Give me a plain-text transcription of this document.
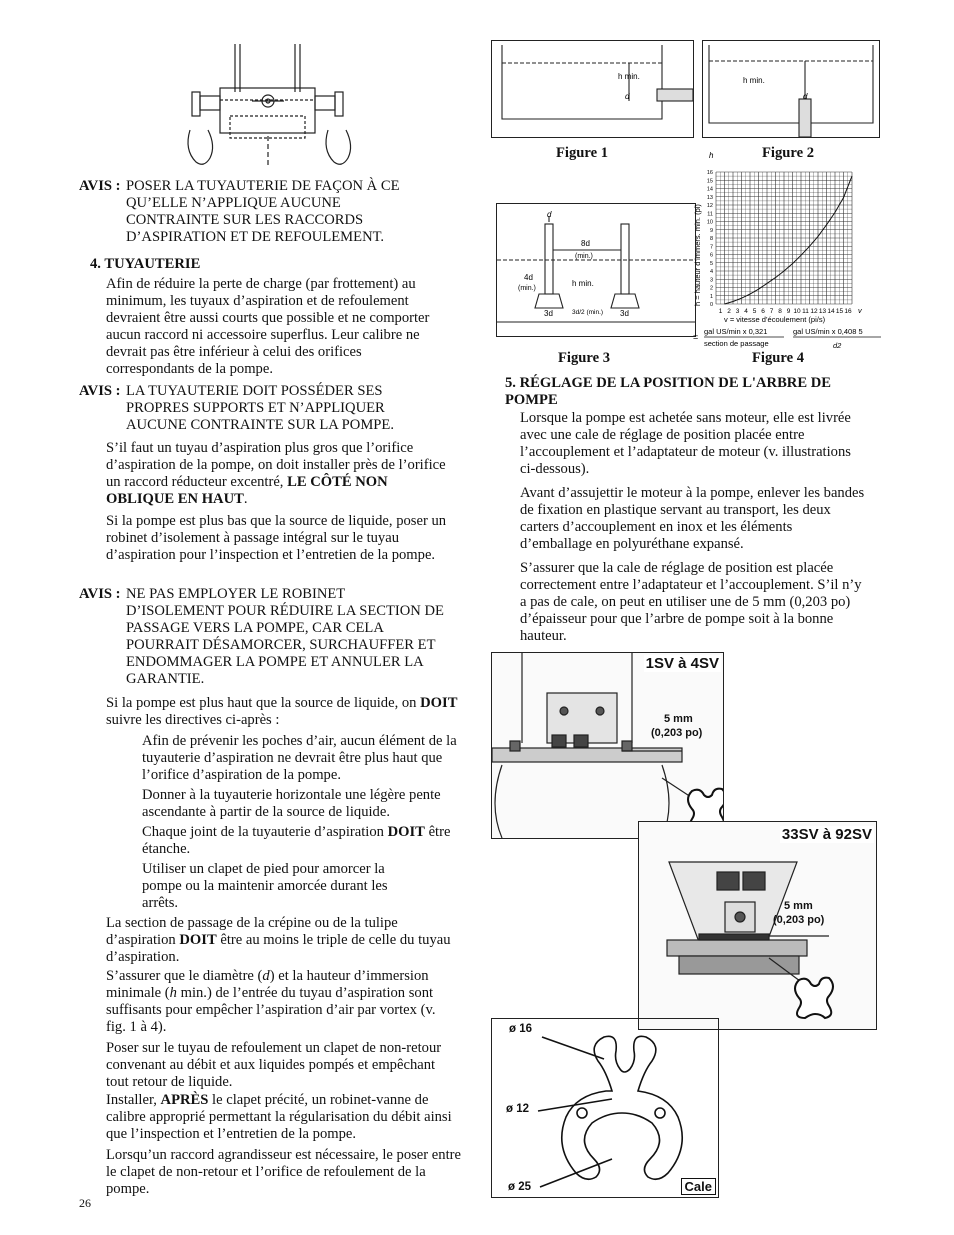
AVIS : POSER LA TUYAUTERIE DE FAÇON À CE QU’ELLE N’APPLIQUE AUCUNE CONTRAINTE SUR LES RACCORDS D’ASPIRATION ET DE REFOULEMENT.
4. TUYAUTERIE

Afin de réduire la perte de charge (par frottement) au minimum, les tuyaux d’aspiration et de refoulement devraient être aussi courts que possible et ne comporter aucun raccord ni accessoire superflus. Leur calibre ne devrait pas être inférieur à celui des orifices correspondants de la pompe.

AVIS : LA TUYAUTERIE DOIT POSSÉDER SES PROPRES SUPPORTS ET N’APPLIQUER AUCUNE CONTRAINTE SUR LA POMPE.

S’il faut un tuyau d’aspiration plus gros que l’orifice d’aspiration de la pompe, on doit installer près de l’orifice un raccord réducteur excentré, LE CÔTÉ NON OBLIQUE EN HAUT.

Si la pompe est plus bas que la source de liquide, poser un robinet d’isolement à passage intégral sur le tuyau d’aspiration pour l’inspection et l’entretien de la pompe.

AVIS : NE PAS EMPLOYER LE ROBINET D’ISOLEMENT POUR RÉDUIRE LA SECTION DE PASSAGE VERS LA POMPE, CAR CELA POURRAIT DÉSAMORCER, SURCHAUFFER ET ENDOMMAGER LA POMPE ET ANNULER LA GARANTIE.

Si la pompe est plus haut que la source de liquide, on DOIT suivre les directives ci-après :

Afin de prévenir les poches d’air, aucun élément de la tuyauterie d’aspiration ne devrait être plus haut que l’orifice d’aspiration de la pompe.

Donner à la tuyauterie horizontale une légère pente ascendante à partir de la source de liquide.

Chaque joint de la tuyauterie d’aspiration DOIT être étanche.

Utiliser un clapet de pied pour amorcer la pompe ou la maintenir amorcée durant les arrêts.

La section de passage de la crépine ou de la tulipe d’aspiration DOIT être au moins le triple de celle du tuyau d’aspiration.

S’assurer que le diamètre (d) et la hauteur d’immersion minimale (h min.) de l’entrée du tuyau d’aspiration sont suffisants pour empêcher l’aspiration d’air par vortex (v. fig. 1 à 4).

Poser sur le tuyau de refoulement un clapet de non-retour convenant au débit et aux liquides pompés et empêchant tout retour de liquide.

Installer, APRÈS le clapet précité, un robinet-vanne de calibre approprié permettant la régularisation du débit ainsi que l’inspection et l’entretien de la pompe.

Lorsqu’un raccord agrandisseur est nécessaire, le poser entre le clapet de non-retour et l’orifice de refoulement de la pompe.

26
h min.
d
Figure 1
h min.
d
Figure 2
d
8d
(min.)
4d
(min.)
h min.
3d	3d/2 (min.) 3d
Figure 3
h
h = hauteur d’immers. min. (pi) 0
1
2
3
4
5
6
7
8
9
10
11
12
13
14
15
16
1 2 3 4 5 6 7 8 9 10 11 12 13 14 15 16 v
v = vitesse d’écoulement (pi/s)
=
gal US/min x 0,321
section de passage
gal US/min x 0,408 5
d2
Figure 4
5. RÉGLAGE DE LA POSITION DE L'ARBRE DE POMPE

Lorsque la pompe est achetée sans moteur, elle est livrée avec une cale de réglage de position placée entre l’accouplement et l’adaptateur de moteur (v. illustrations ci-dessous).

Avant d’assujettir le moteur à la pompe, enlever les bandes de fixation en plastique servant au transport, les deux carters d’accouplement en inox et les éléments d’emballage en polyuréthane expansé.

S’assurer que la cale de réglage de position est placée correctement entre l’adaptateur et l’accouplement. S’il n’y a pas de cale, on peut en utiliser une de 5 mm (0,203 po) d’épaisseur pour que l’arbre de pompe soit à la bonne hauteur.

1SV à 4SV
5 mm
(0,203 po)
33SV à 92SV
5 mm
(0,203 po)
ø 16
ø 12
ø 25	Cale
